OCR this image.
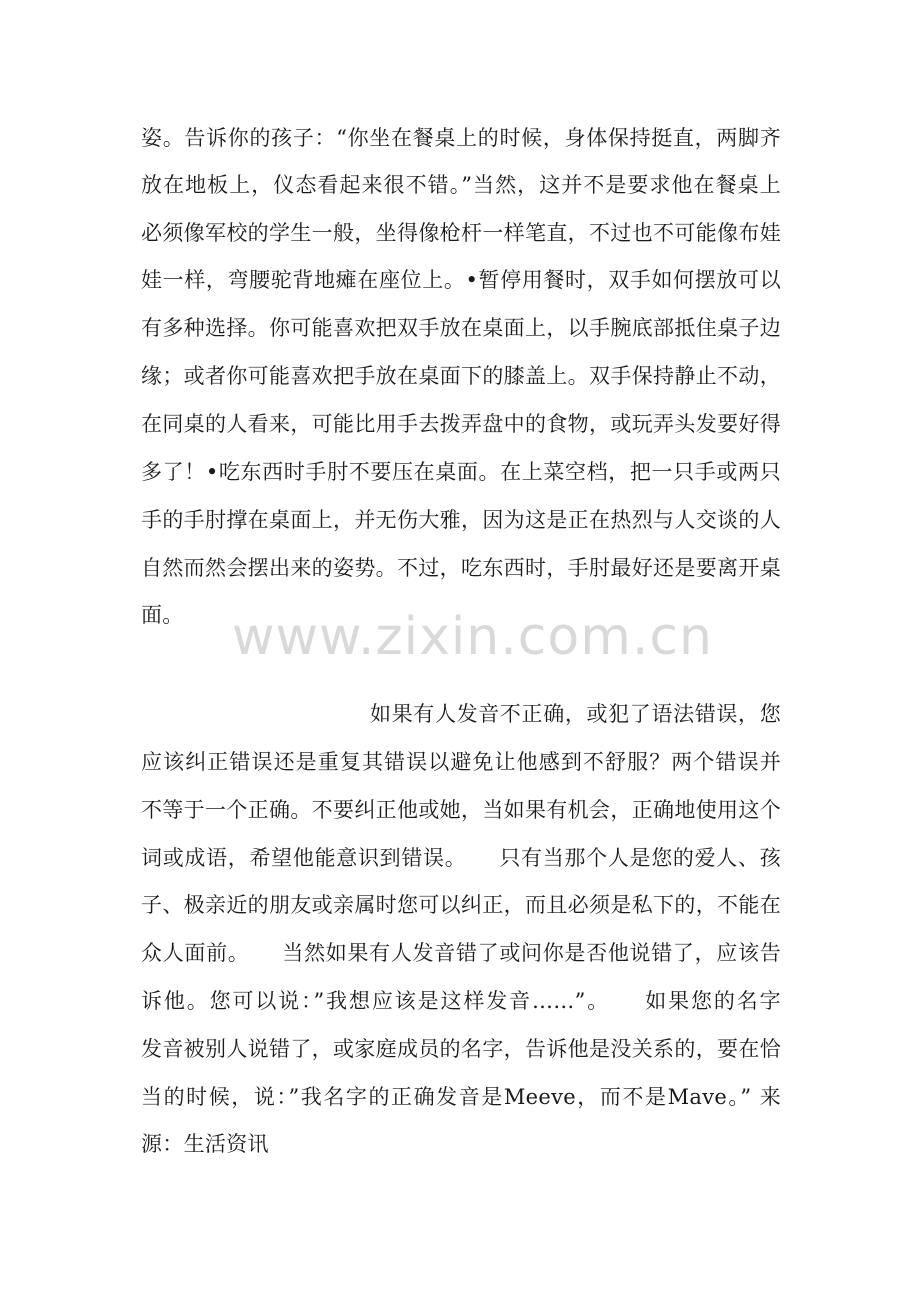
姿。告诉你的孩子：“你坐在餐桌上的时候，身体保持挺直，两脚齐
放在地板上，仪态看起来很不错。”当然，这并不是要求他在餐桌上
必须像军校的学生一般，坐得像枪杆一样笔直，不过也不可能像布娃
娃一样，弯腰驼背地瘫在座位上。•暂停用餐时，双手如何摆放可以
有多种选择。你可能喜欢把双手放在桌面上，以手腕底部抵住桌子边
缘；或者你可能喜欢把手放在桌面下的膝盖上。双手保持静止不动，
在同桌的人看来，可能比用手去拨弄盘中的食物，或玩弄头发要好得
多了！•吃东西时手肘不要压在桌面。在上菜空档，把一只手或两只
手的手肘撑在桌面上，并无伤大雅，因为这是正在热烈与人交谈的人
自然而然会摆出来的姿势。不过，吃东西时，手肘最好还是要离开桌
面。 www.zixin.com.cn
如果有人发音不正确，或犯了语法错误，您
应该纠正错误还是重复其错误以避免让他感到不舒服？两个错误并
不等于一个正确。不要纠正他或她，当如果有机会，正确地使用这个
词或成语，希望他能意识到错误。　　只有当那个人是您的爱人、孩
子、极亲近的朋友或亲属时您可以纠正，而且必须是私下的，不能在
众人面前。　　当然如果有人发音错了或问你是否他说错了，应该告
诉他。您可以说：”我想应该是这样发音……”。　　如果您的名字
发音被别人说错了，或家庭成员的名字，告诉他是没关系的，要在恰
当的时候，说：”我名字的正确发音是Meeve，而不是Mave。” 来
源：生活资讯
